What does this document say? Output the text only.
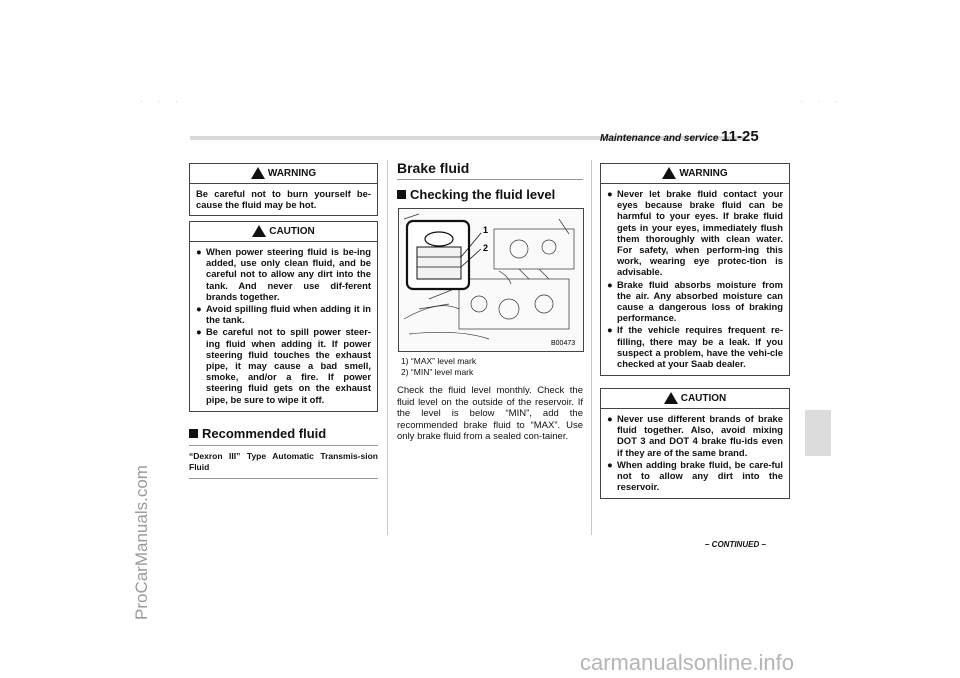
· · ·	· · ·
Maintenance and service 11-25
WARNING
Be careful not to burn yourself be-cause the fluid may be hot.
CAUTION
● When power steering fluid is be-ing added, use only clean fluid, and be careful not to allow any dirt into the tank. And never use dif-ferent brands together.
● Avoid spilling fluid when adding it in the tank.
● Be careful not to spill power steer-ing fluid when adding it. If power steering fluid touches the exhaust pipe, it may cause a bad smell, smoke, and/or a fire. If power steering fluid gets on the exhaust pipe, be sure to wipe it off.
Recommended fluid
“Dexron III” Type Automatic Transmis-sion Fluid
Brake fluid
Checking the fluid level
1
2
B00473
1) “MAX” level mark
2) “MIN” level mark
Check the fluid level monthly. Check the fluid level on the outside of the reservoir. If the level is below “MIN”, add the recommended brake fluid to “MAX”. Use only brake fluid from a sealed con-tainer.
WARNING
● Never let brake fluid contact your eyes because brake fluid can be harmful to your eyes. If brake fluid gets in your eyes, immediately flush them thoroughly with clean water. For safety, when perform-ing this work, wearing eye protec-tion is advisable.
● Brake fluid absorbs moisture from the air. Any absorbed moisture can cause a dangerous loss of braking performance.
● If the vehicle requires frequent re-filling, there may be a leak. If you suspect a problem, have the vehi-cle checked at your Saab dealer.
CAUTION
● Never use different brands of brake fluid together. Also, avoid mixing DOT 3 and DOT 4 brake flu-ids even if they are of the same brand.
● When adding brake fluid, be care-ful not to allow any dirt into the reservoir.
– CONTINUED –
ProCarManuals.com
carmanualsonline.info
